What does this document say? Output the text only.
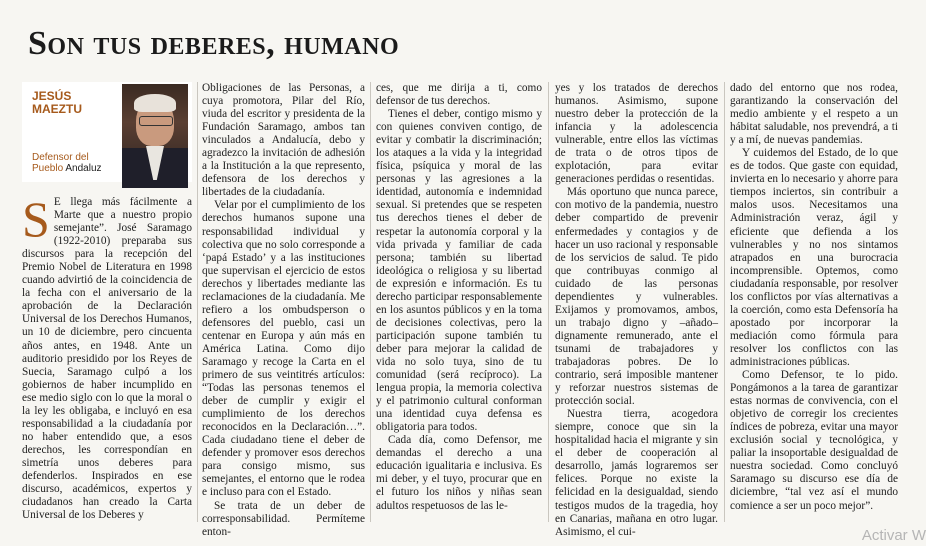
Son tus deberes, humano
JESÚS MAEZTU
Defensor del Pueblo Andaluz

S E llega más fácilmente a Marte que a nuestro propio semejante”. José Saramago (1922-2010) preparaba sus discursos para la recepción del Premio Nobel de Literatura en 1998 cuando advirtió de la coincidencia de la fecha con el aniversario de la aprobación de la Declaración Universal de los Derechos Humanos, un 10 de diciembre, pero cincuenta años antes, en 1948. Ante un auditorio presidido por los Reyes de Suecia, Saramago culpó a los gobiernos de haber incumplido en ese medio siglo con lo que la moral o la ley les obligaba, e incluyó en esa responsabilidad a la ciudadanía por no haber entendido que, a esos derechos, les correspondían en simetría unos deberes para defenderlos. Inspirados en ese discurso, académicos, expertos y ciudadanos han creado la Carta Universal de los Deberes y

Obligaciones de las Personas, a cuya promotora, Pilar del Río, viuda del escritor y presidenta de la Fundación Saramago, ambos tan vinculados a Andalucía, debo y agradezco la invitación de adhesión a la Institución a la que represento, defensora de los derechos y libertades de la ciudadanía.

Velar por el cumplimiento de los derechos humanos supone una responsabilidad individual y colectiva que no solo corresponde a ‘papá Estado’ y a las instituciones que supervisan el ejercicio de estos derechos y libertades mediante las reclamaciones de la ciudadanía. Me refiero a los ombudsperson o defensores del pueblo, casi un centenar en Europa y aún más en América Latina. Como dijo Saramago y recoge la Carta en el primero de sus veintitrés artículos: “Todas las personas tenemos el deber de cumplir y exigir el cumplimiento de los derechos reconocidos en la Declaración…”. Cada ciudadano tiene el deber de defender y promover esos derechos para consigo mismo, sus semejantes, el entorno que le rodea e incluso para con el Estado.

Se trata de un deber de corresponsabilidad. Permíteme enton-

ces, que me dirija a ti, como defensor de tus derechos.

Tienes el deber, contigo mismo y con quienes conviven contigo, de evitar y combatir la discriminación; los ataques a la vida y la integridad física, psíquica y moral de las personas y las agresiones a la identidad, autonomía e indemnidad sexual. Si pretendes que se respeten tus derechos tienes el deber de respetar la autonomía corporal y la vida privada y familiar de cada persona; también su libertad ideológica o religiosa y su libertad de expresión e información. Es tu derecho participar responsablemente en los asuntos públicos y en la toma de decisiones colectivas, pero la participación supone también tu deber para mejorar la calidad de vida no solo tuya, sino de tu comunidad (será recíproco). La lengua propia, la memoria colectiva y el patrimonio cultural conforman una identidad cuya defensa es obligatoria para todos.

Cada día, como Defensor, me demandas el derecho a una educación igualitaria e inclusiva. Es mi deber, y el tuyo, procurar que en el futuro los niños y niñas sean adultos respetuosos de las le-

yes y los tratados de derechos humanos. Asimismo, supone nuestro deber la protección de la infancia y la adolescencia vulnerable, entre ellos las víctimas de trata o de otros tipos de explotación, para evitar generaciones perdidas o resentidas.

Más oportuno que nunca parece, con motivo de la pandemia, nuestro deber compartido de prevenir enfermedades y contagios y de hacer un uso racional y responsable de los servicios de salud. Te pido que contribuyas conmigo al cuidado de las personas dependientes y vulnerables. Exijamos y promovamos, ambos, un trabajo digno y –añado– dignamente remunerado, ante el tsunami de trabajadores y trabajadoras pobres. De lo contrario, será imposible mantener y reforzar nuestros sistemas de protección social.

Nuestra tierra, acogedora siempre, conoce que sin la hospitalidad hacia el migrante y sin el deber de cooperación al desarrollo, jamás lograremos ser felices. Porque no existe la felicidad en la desigualdad, siendo testigos mudos de la tragedia, hoy en Canarias, mañana en otro lugar. Asimismo, el cui-

dado del entorno que nos rodea, garantizando la conservación del medio ambiente y el respeto a un hábitat saludable, nos prevendrá, a ti y a mí, de nuevas pandemias.

Y cuidemos del Estado, de lo que es de todos. Que gaste con equidad, invierta en lo necesario y ahorre para tiempos inciertos, sin contribuir a malos usos. Necesitamos una Administración veraz, ágil y eficiente que defienda a los vulnerables y no nos sintamos atrapados en una burocracia incomprensible. Optemos, como ciudadanía responsable, por resolver los conflictos por vías alternativas a la coerción, como esta Defensoría ha apostado por incorporar la mediación como fórmula para resolver los conflictos con las administraciones públicas.

Como Defensor, te lo pido. Pongámonos a la tarea de garantizar estas normas de convivencia, con el objetivo de corregir los crecientes índices de pobreza, evitar una mayor exclusión social y tecnológica, y paliar la insoportable desigualdad de nuestra sociedad. Como concluyó Saramago su discurso ese día de diciembre, “tal vez así el mundo comience a ser un poco mejor”.

Activar W
